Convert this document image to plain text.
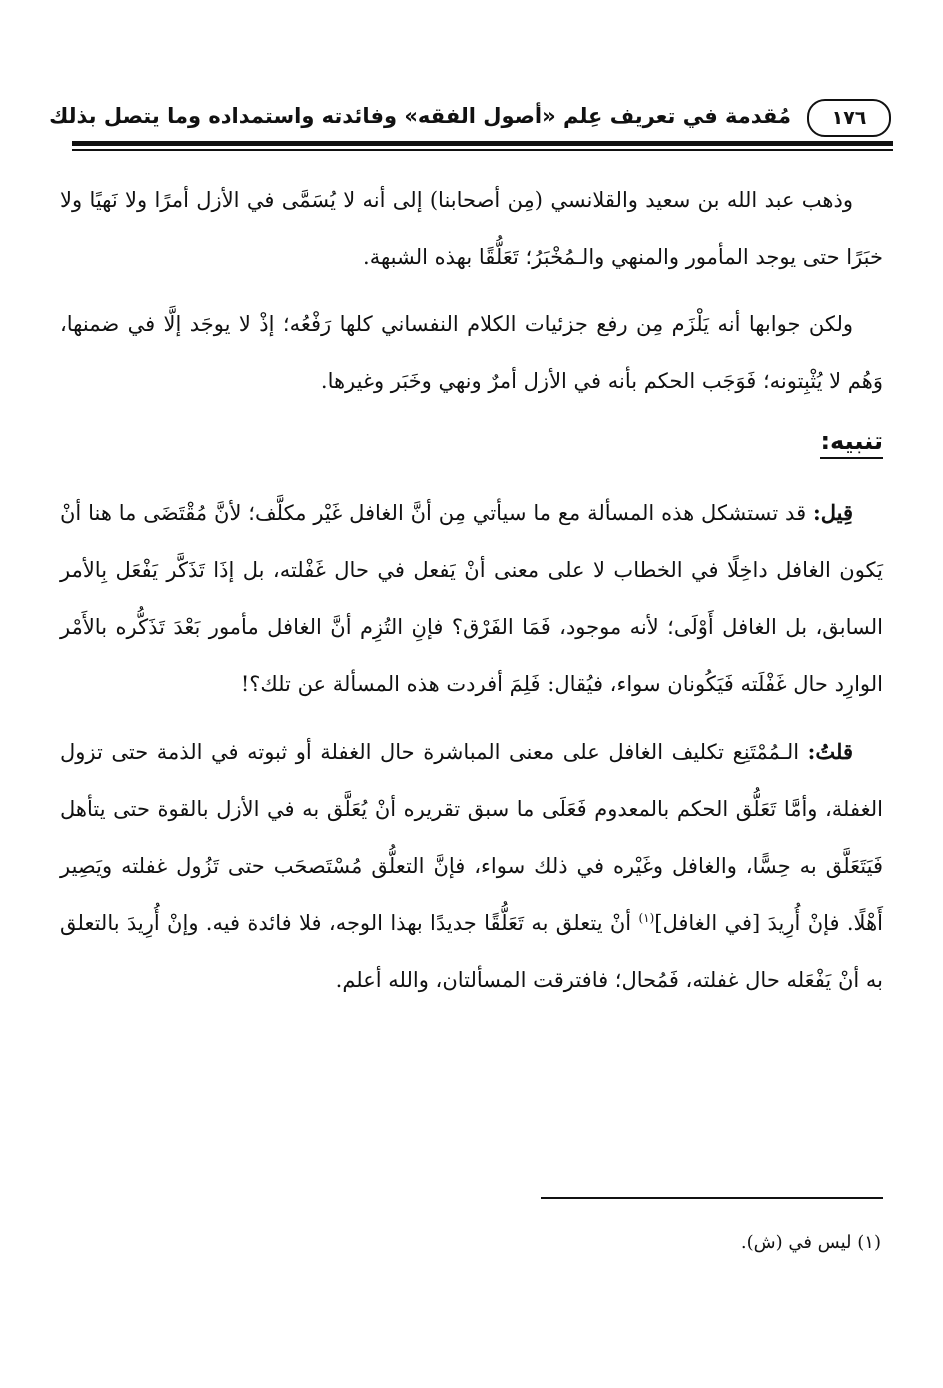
١٧٦
مُقدمة في تعريف عِلم «أصول الفقه» وفائدته واستمداده وما يتصل بذلك

وذهب عبد الله بن سعيد والقلانسي (مِن أصحابنا) إلى أنه لا يُسَمَّى في الأزل أمرًا ولا نَهيًا ولا خبَرًا حتى يوجد المأمور والمنهي والـمُخْبَرُ؛ تَعَلُّقًا بهذه الشبهة.

ولكن جوابها أنه يَلْزَم مِن رفع جزئيات الكلام النفساني كلها رَفْعُه؛ إذْ لا يوجَد إلَّا في ضمنها، وَهُم لا يُثْبِتونه؛ فَوَجَب الحكم بأنه في الأزل أمرٌ ونهي وخَبَر وغيرها.

تنبيه:

قِيل: قد تستشكل هذه المسألة مع ما سيأتي مِن أنَّ الغافل غَيْر مكلَّف؛ لأنَّ مُقْتَضَى ما هنا أنْ يَكون الغافل داخِلًا في الخطاب لا على معنى أنْ يَفعل في حال غَفْلته، بل إذَا تَذَكَّر يَفْعَل بِالأمر السابق، بل الغافل أَوْلَى؛ لأنه موجود، فَمَا الفَرْق؟ فإنِ التُزِم أنَّ الغافل مأمور بَعْدَ تَذَكُّره بالأَمْر الوارِد حال غَفْلَته فَيَكُونان سواء، فيُقال: فَلِمَ أفردت هذه المسألة عن تلك؟!

قلتُ: الـمُمْتَنِع تكليف الغافل على معنى المباشرة حال الغفلة أو ثبوته في الذمة حتى تزول الغفلة، وأمَّا تَعَلُّق الحكم بالمعدوم فَعَلَى ما سبق تقريره أنْ يُعَلَّق به في الأزل بالقوة حتى يتأهل فَيَتَعَلَّق به حِسًّا، والغافل وغَيْره في ذلك سواء، فإنَّ التعلُّق مُسْتَصحَب حتى تَزُول غفلته ويَصِير أَهْلًا. فإنْ أُرِيدَ [في الغافل]$^{(١)}$ أنْ يتعلق به تَعَلُّقًا جديدًا بهذا الوجه، فلا فائدة فيه. وإنْ أُرِيدَ بالتعلق به أنْ يَفْعَله حال غفلته، فَمُحال؛ فافترقت المسألتان، والله أعلم.

(١) ليس في (ش).
